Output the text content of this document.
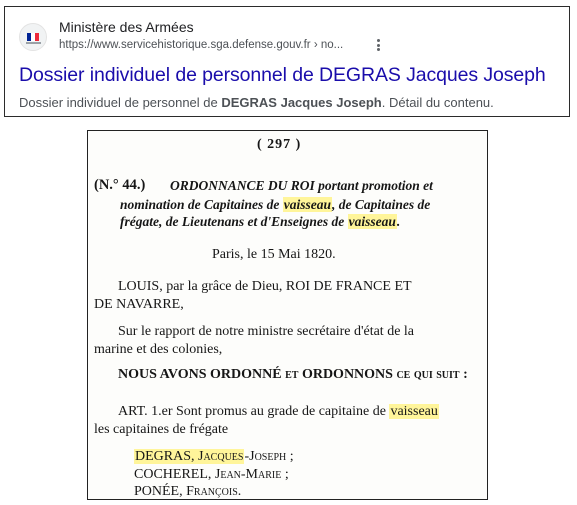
Ministère des Armées
https://www.servicehistorique.sga.defense.gouv.fr › no...
Dossier individuel de personnel de DEGRAS Jacques Joseph
Dossier individuel de personnel de DEGRAS Jacques Joseph. Détail du contenu.
( 297 )
(N.° 44.) ORDONNANCE DU ROI portant promotion et
nomination de Capitaines de vaisseau, de Capitaines de
frégate, de Lieutenans et d'Enseignes de vaisseau.
Paris, le 15 Mai 1820.
LOUIS, par la grâce de Dieu, ROI DE FRANCE ET
DE NAVARRE,
Sur le rapport de notre ministre secrétaire d'état de la
marine et des colonies,
NOUS AVONS ORDONNÉ et ORDONNONS ce qui suit :
ART. 1.er Sont promus au grade de capitaine de vaisseau
les capitaines de frégate
DEGRAS, Jacques-Joseph ;
COCHEREL, Jean-Marie ;
PONÉE, François.
